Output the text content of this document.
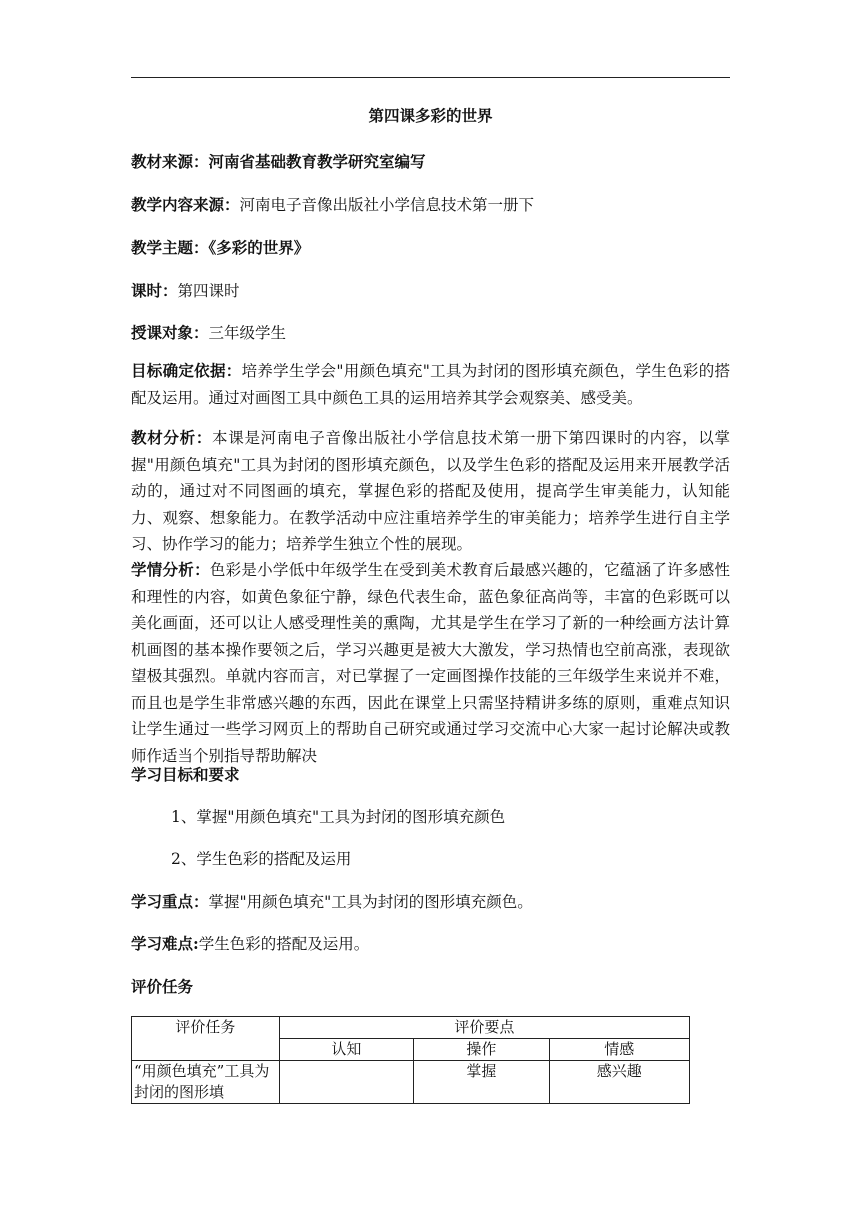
第四课多彩的世界
教材来源：河南省基础教育教学研究室编写
教学内容来源：河南电子音像出版社小学信息技术第一册下
教学主题：《多彩的世界》
课时：第四课时
授课对象：三年级学生
目标确定依据：培养学生学会"用颜色填充"工具为封闭的图形填充颜色，学生色彩的搭配及运用。通过对画图工具中颜色工具的运用培养其学会观察美、感受美。
教材分析：本课是河南电子音像出版社小学信息技术第一册下第四课时的内容，以掌握"用颜色填充"工具为封闭的图形填充颜色，以及学生色彩的搭配及运用来开展教学活动的，通过对不同图画的填充，掌握色彩的搭配及使用，提高学生审美能力，认知能力、观察、想象能力。在教学活动中应注重培养学生的审美能力；培养学生进行自主学习、协作学习的能力；培养学生独立个性的展现。
学情分析：色彩是小学低中年级学生在受到美术教育后最感兴趣的，它蕴涵了许多感性和理性的内容，如黄色象征宁静，绿色代表生命，蓝色象征高尚等，丰富的色彩既可以美化画面，还可以让人感受理性美的熏陶，尤其是学生在学习了新的一种绘画方法计算机画图的基本操作要领之后，学习兴趣更是被大大激发，学习热情也空前高涨，表现欲望极其强烈。单就内容而言，对已掌握了一定画图操作技能的三年级学生来说并不难，而且也是学生非常感兴趣的东西，因此在课堂上只需坚持精讲多练的原则，重难点知识让学生通过一些学习网页上的帮助自己研究或通过学习交流中心大家一起讨论解决或教师作适当个别指导帮助解决
学习目标和要求
1、掌握"用颜色填充"工具为封闭的图形填充颜色
2、学生色彩的搭配及运用
学习重点：掌握"用颜色填充"工具为封闭的图形填充颜色。
学习难点:学生色彩的搭配及运用。
评价任务
评价任务	评价要点		
	认知	操作	情感
“用颜色填充”工具为封闭的图形填		掌握	感兴趣
